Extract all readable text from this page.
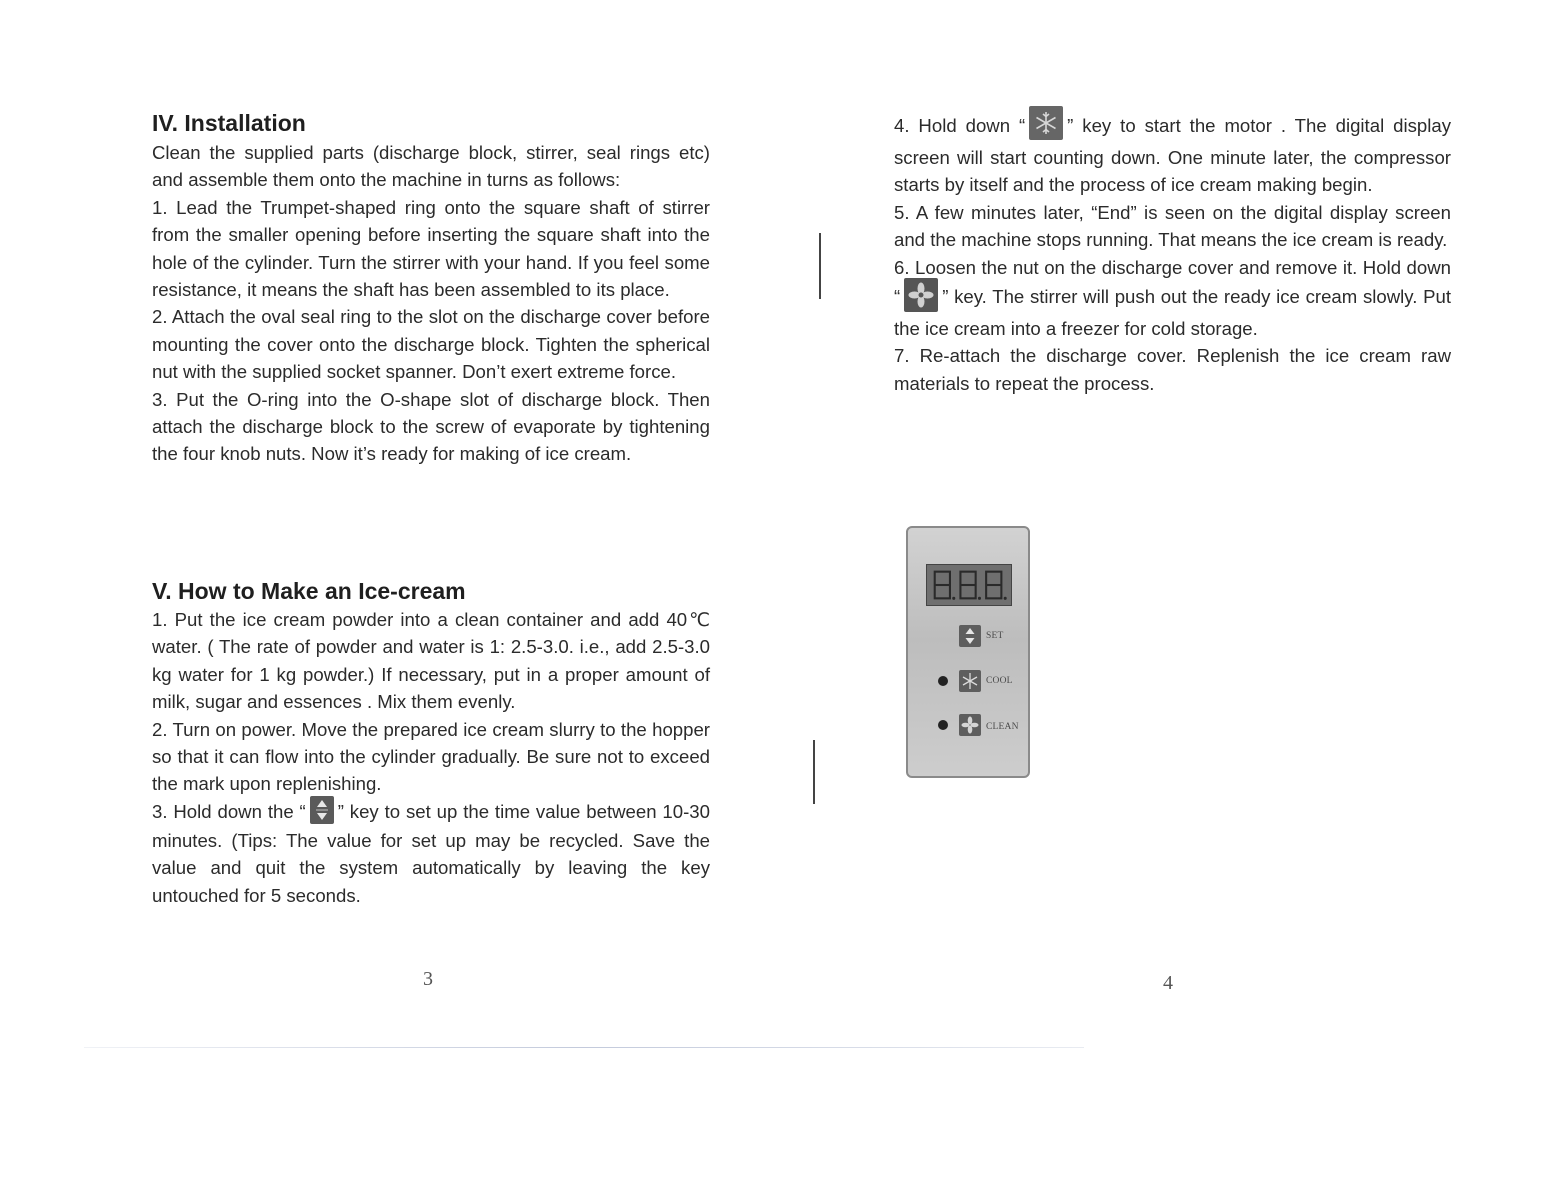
IV. Installation

Clean the supplied parts (discharge block, stirrer, seal rings etc) and assemble them onto the machine in turns as follows:

1. Lead the Trumpet-shaped ring onto the square shaft of stirrer from the smaller opening before inserting the square shaft into the hole of the cylinder. Turn the stirrer with your hand. If you feel some resistance, it means the shaft has been assembled to its place.

2. Attach the oval seal ring to the slot on the discharge cover before mounting the cover onto the discharge block. Tighten the spherical nut with the supplied socket spanner. Don’t exert extreme force.

3. Put the O-ring into the O-shape slot of discharge block. Then attach the discharge block to the screw of evaporate by tightening the four knob nuts. Now it’s ready for making of ice cream.

V. How to Make an Ice-cream

1. Put the ice cream powder into a clean container and add 40℃ water. ( The rate of powder and water is 1: 2.5-3.0. i.e., add 2.5-3.0 kg water for 1 kg powder.) If necessary, put in a proper amount of milk, sugar and essences . Mix them evenly.

2. Turn on power. Move the prepared ice cream slurry to the hopper so that it can flow into the cylinder gradually. Be sure not to exceed the mark upon replenishing.

3. Hold down the “ ” key to set up the time value between 10-30 minutes. (Tips: The value for set up may be recycled. Save the value and quit the system automatically by leaving the key untouched for 5 seconds.

3

4. Hold down “ ” key to start the motor . The digital display screen will start counting down. One minute later, the compressor starts by itself and the process of ice cream making begin.

5. A few minutes later, “End” is seen on the digital display screen and the machine stops running. That means the ice cream is ready.

6. Loosen the nut on the discharge cover and remove it. Hold down “ ” key. The stirrer will push out the ready ice cream slowly. Put the ice cream into a freezer for cold storage.

7. Re-attach the discharge cover. Replenish the ice cream raw materials to repeat the process.

4
SET
COOL
CLEAN
